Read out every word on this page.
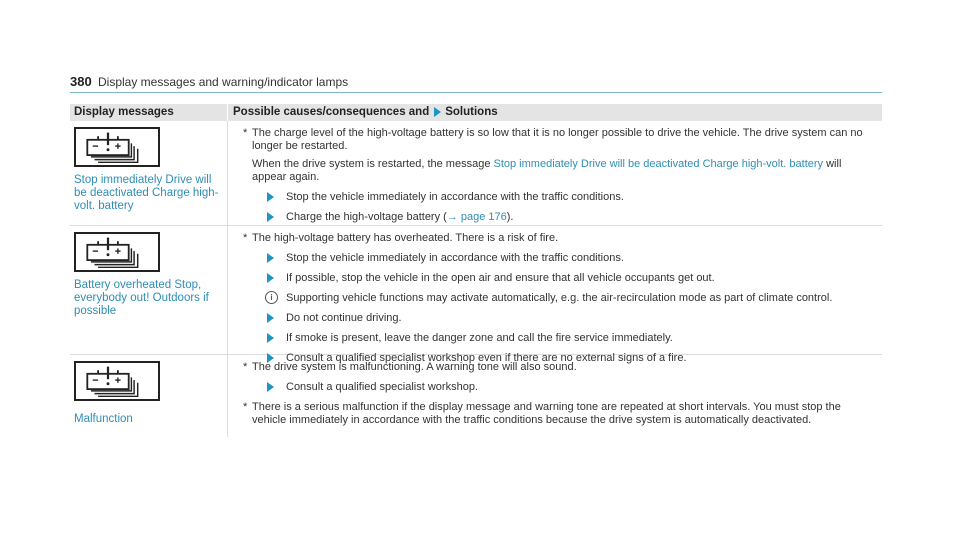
380 Display messages and warning/indicator lamps
Display messages	Possible causes/consequences and Solutions
Stop immediately Drive will be deactivated Charge high-volt. battery
* The charge level of the high-voltage battery is so low that it is no longer possible to drive the vehicle. The drive system can no longer be restarted.
When the drive system is restarted, the message Stop immediately Drive will be deactivated Charge high-volt. battery will appear again.
Stop the vehicle immediately in accordance with the traffic conditions.
Charge the high-voltage battery (→ page 176).
Battery overheated Stop, everybody out! Outdoors if possible
* The high-voltage battery has overheated. There is a risk of fire.
Stop the vehicle immediately in accordance with the traffic conditions.
If possible, stop the vehicle in the open air and ensure that all vehicle occupants get out.
i	Supporting vehicle functions may activate automatically, e.g. the air-recirculation mode as part of climate control.
Do not continue driving.
If smoke is present, leave the danger zone and call the fire service immediately.
Consult a qualified specialist workshop even if there are no external signs of a fire.
Malfunction
* The drive system is malfunctioning. A warning tone will also sound.
Consult a qualified specialist workshop.
* There is a serious malfunction if the display message and warning tone are repeated at short intervals. You must stop the vehicle immediately in accordance with the traffic conditions because the drive system is automatically deactivated.
